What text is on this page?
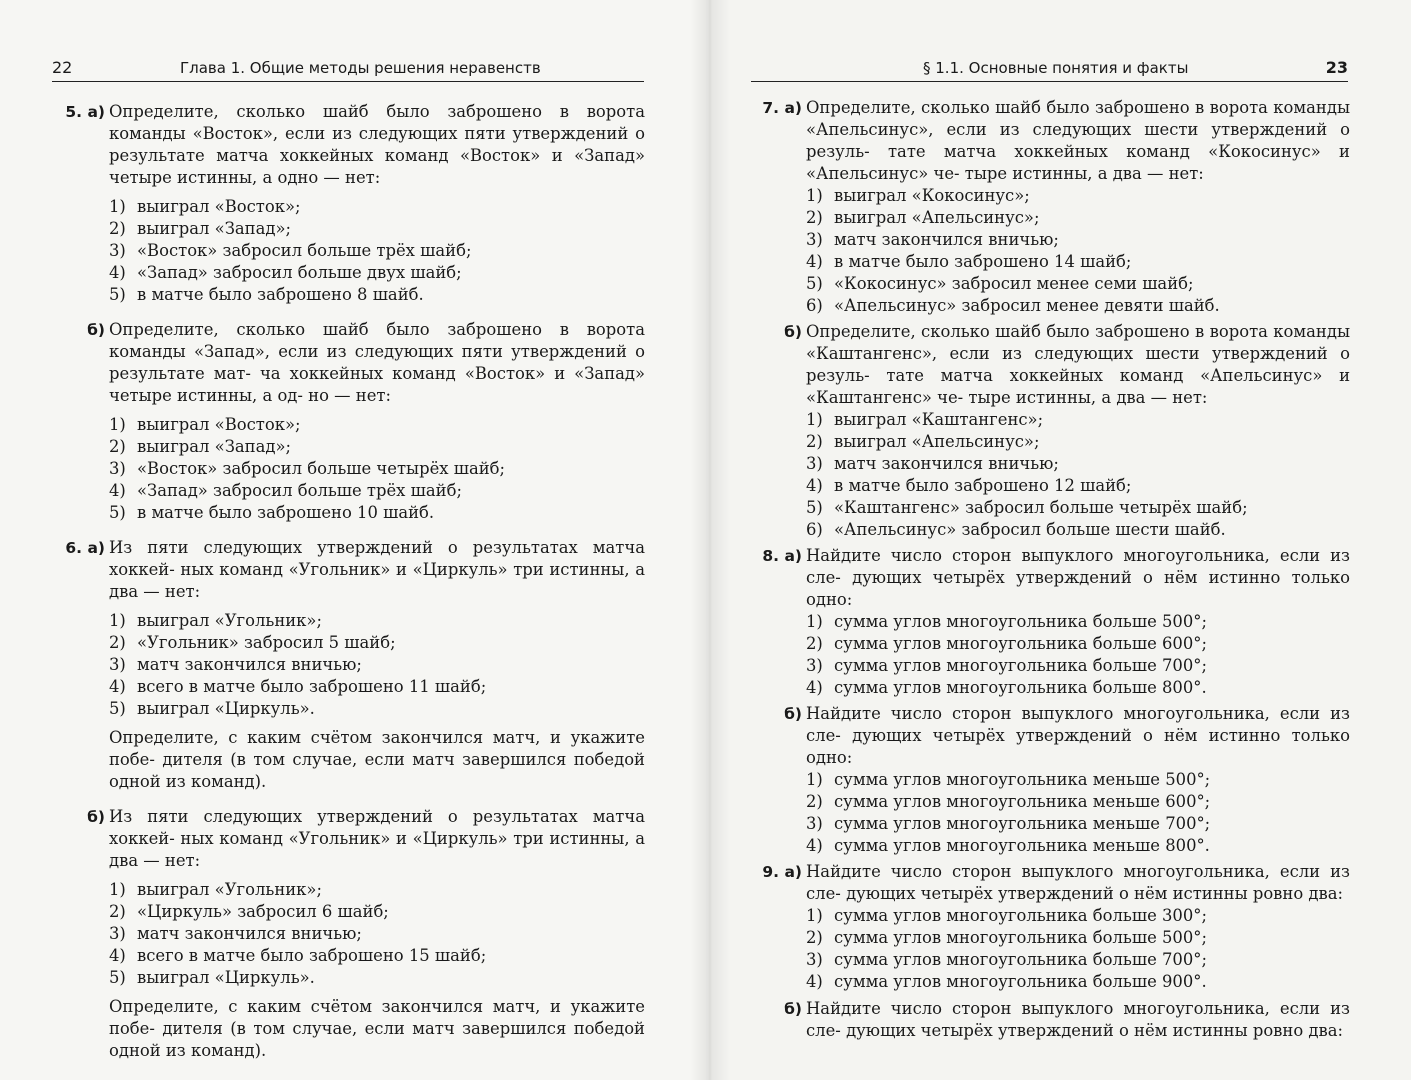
22	Глава 1. Общие методы решения неравенств
5. а) Определите, сколько шайб было заброшено в ворота команды «Восток», если из следующих пяти утверждений о результате матча хоккейных команд «Восток» и «Запад» четыре истинны, а одно — нет:

1) выиграл «Восток»;
2) выиграл «Запад»;
3) «Восток» забросил больше трёх шайб;
4) «Запад» забросил больше двух шайб;
5) в матче было заброшено 8 шайб.
б) Определите, сколько шайб было заброшено в ворота команды «Запад», если из следующих пяти утверждений о результате мат- ча хоккейных команд «Восток» и «Запад» четыре истинны, а од- но — нет:

1) выиграл «Восток»;
2) выиграл «Запад»;
3) «Восток» забросил больше четырёх шайб;
4) «Запад» забросил больше трёх шайб;
5) в матче было заброшено 10 шайб.
6. а) Из пяти следующих утверждений о результатах матча хоккей- ных команд «Угольник» и «Циркуль» три истинны, а два — нет:

1) выиграл «Угольник»;
2) «Угольник» забросил 5 шайб;
3) матч закончился вничью;
4) всего в матче было заброшено 11 шайб;
5) выиграл «Циркуль».

Определите, с каким счётом закончился матч, и укажите побе- дителя (в том случае, если матч завершился победой одной из команд).

б) Из пяти следующих утверждений о результатах матча хоккей- ных команд «Угольник» и «Циркуль» три истинны, а два — нет:

1) выиграл «Угольник»;
2) «Циркуль» забросил 6 шайб;
3) матч закончился вничью;
4) всего в матче было заброшено 15 шайб;
5) выиграл «Циркуль».

Определите, с каким счётом закончился матч, и укажите побе- дителя (в том случае, если матч завершился победой одной из команд).

§ 1.1. Основные понятия и факты	23
7. а) Определите, сколько шайб было заброшено в ворота команды «Апельсинус», если из следующих шести утверждений о резуль- тате матча хоккейных команд «Кокосинус» и «Апельсинус» че- тыре истинны, а два — нет:

1) выиграл «Кокосинус»;
2) выиграл «Апельсинус»;
3) матч закончился вничью;
4) в матче было заброшено 14 шайб;
5) «Кокосинус» забросил менее семи шайб;
6) «Апельсинус» забросил менее девяти шайб.
б) Определите, сколько шайб было заброшено в ворота команды «Каштангенс», если из следующих шести утверждений о резуль- тате матча хоккейных команд «Апельсинус» и «Каштангенс» че- тыре истинны, а два — нет:

1) выиграл «Каштангенс»;
2) выиграл «Апельсинус»;
3) матч закончился вничью;
4) в матче было заброшено 12 шайб;
5) «Каштангенс» забросил больше четырёх шайб;
6) «Апельсинус» забросил больше шести шайб.
8. а) Найдите число сторон выпуклого многоугольника, если из сле- дующих четырёх утверждений о нём истинно только одно:

1) сумма углов многоугольника больше 500°;
2) сумма углов многоугольника больше 600°;
3) сумма углов многоугольника больше 700°;
4) сумма углов многоугольника больше 800°.
б) Найдите число сторон выпуклого многоугольника, если из сле- дующих четырёх утверждений о нём истинно только одно:

1) сумма углов многоугольника меньше 500°;
2) сумма углов многоугольника меньше 600°;
3) сумма углов многоугольника меньше 700°;
4) сумма углов многоугольника меньше 800°.
9. а) Найдите число сторон выпуклого многоугольника, если из сле- дующих четырёх утверждений о нём истинны ровно два:

1) сумма углов многоугольника больше 300°;
2) сумма углов многоугольника больше 500°;
3) сумма углов многоугольника больше 700°;
4) сумма углов многоугольника больше 900°.
б) Найдите число сторон выпуклого многоугольника, если из сле- дующих четырёх утверждений о нём истинны ровно два:
